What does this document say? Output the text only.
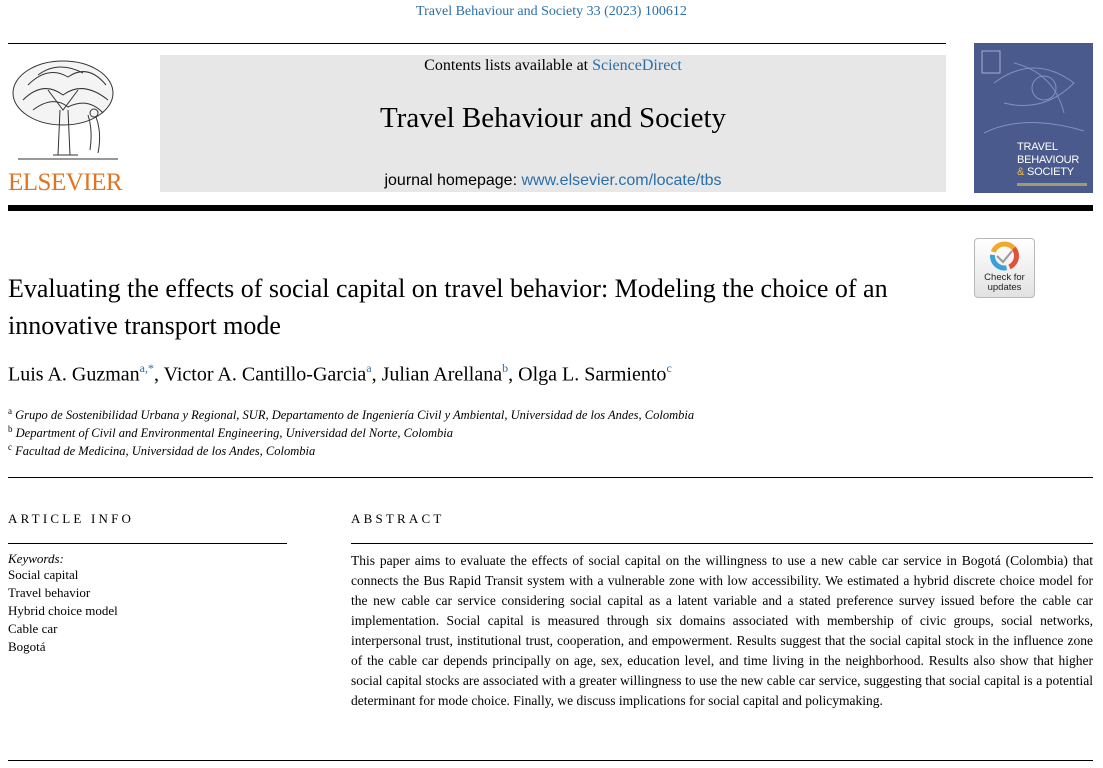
Travel Behaviour and Society 33 (2023) 100612
ELSEVIER
Contents lists available at ScienceDirect
Travel Behaviour and Society
journal homepage: www.elsevier.com/locate/tbs
TRAVEL
BEHAVIOUR
& SOCIETY
Check for
updates
Evaluating the effects of social capital on travel behavior: Modeling the choice of an innovative transport mode
Luis A. Guzman$^{a,*}$, Victor A. Cantillo-Garcia$^a$, Julian Arellana$^b$, Olga L. Sarmiento$^c$
$^a$ Grupo de Sostenibilidad Urbana y Regional, SUR, Departamento de Ingeniería Civil y Ambiental, Universidad de los Andes, Colombia
$^b$ Department of Civil and Environmental Engineering, Universidad del Norte, Colombia
$^c$ Facultad de Medicina, Universidad de los Andes, Colombia
ARTICLE INFO
Keywords:
Social capital
Travel behavior
Hybrid choice model
Cable car
Bogotá
ABSTRACT
This paper aims to evaluate the effects of social capital on the willingness to use a new cable car service in Bogotá (Colombia) that connects the Bus Rapid Transit system with a vulnerable zone with low accessibility. We estimated a hybrid discrete choice model for the new cable car service considering social capital as a latent variable and a stated preference survey issued before the cable car implementation. Social capital is measured through six domains associated with membership of civic groups, social networks, interpersonal trust, institutional trust, cooperation, and empowerment. Results suggest that the social capital stock in the influence zone of the cable car depends principally on age, sex, education level, and time living in the neighborhood. Results also show that higher social capital stocks are associated with a greater willingness to use the new cable car service, suggesting that social capital is a potential determinant for mode choice. Finally, we discuss implications for social capital and policymaking.
